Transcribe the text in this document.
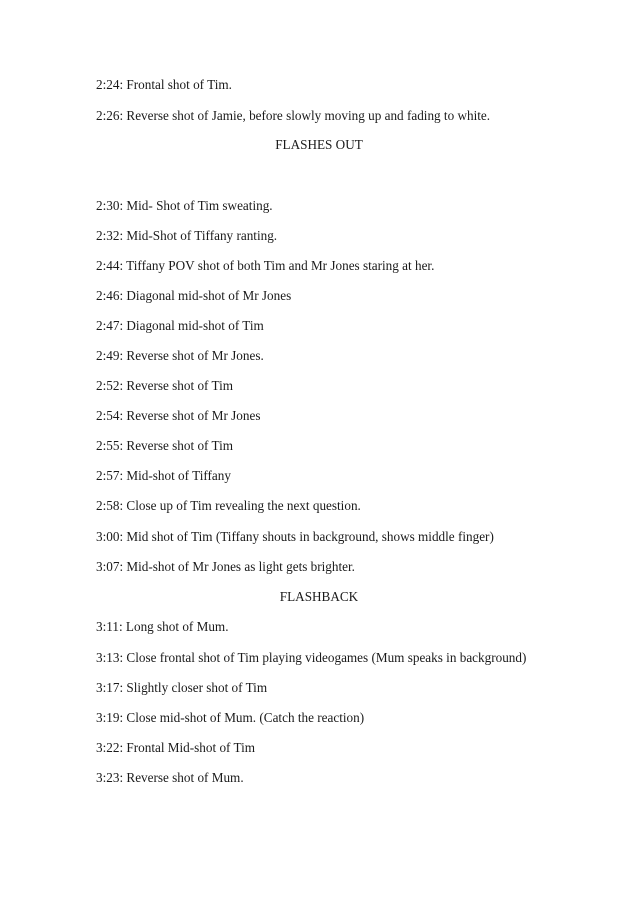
2:24: Frontal shot of Tim.
2:26: Reverse shot of Jamie, before slowly moving up and fading to white.
FLASHES OUT
2:30: Mid- Shot of Tim sweating.
2:32: Mid-Shot of Tiffany ranting.
2:44: Tiffany POV shot of both Tim and Mr Jones staring at her.
2:46: Diagonal mid-shot of Mr Jones
2:47: Diagonal mid-shot of Tim
2:49: Reverse shot of Mr Jones.
2:52: Reverse shot of Tim
2:54: Reverse shot of Mr Jones
2:55: Reverse shot of Tim
2:57: Mid-shot of Tiffany
2:58: Close up of Tim revealing the next question.
3:00: Mid shot of Tim (Tiffany shouts in background, shows middle finger)
3:07: Mid-shot of Mr Jones as light gets brighter.
FLASHBACK
3:11: Long shot of Mum.
3:13: Close frontal shot of Tim playing videogames (Mum speaks in background)
3:17: Slightly closer shot of Tim
3:19: Close mid-shot of Mum. (Catch the reaction)
3:22: Frontal Mid-shot of Tim
3:23: Reverse shot of Mum.
